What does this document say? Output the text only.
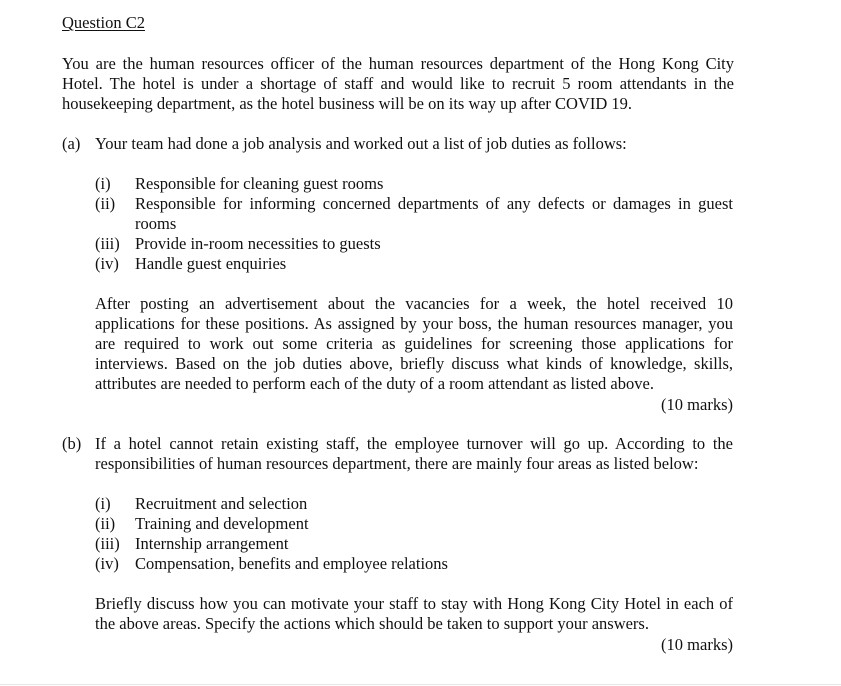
Question C2

You are the human resources officer of the human resources department of the Hong Kong City Hotel. The hotel is under a shortage of staff and would like to recruit 5 room attendants in the housekeeping department, as the hotel business will be on its way up after COVID 19.

(a) Your team had done a job analysis and worked out a list of job duties as follows:
(i) Responsible for cleaning guest rooms
(ii) Responsible for informing concerned departments of any defects or damages in guest rooms
(iii) Provide in-room necessities to guests
(iv) Handle guest enquiries

After posting an advertisement about the vacancies for a week, the hotel received 10 applications for these positions. As assigned by your boss, the human resources manager, you are required to work out some criteria as guidelines for screening those applications for interviews. Based on the job duties above, briefly discuss what kinds of knowledge, skills, attributes are needed to perform each of the duty of a room attendant as listed above.

(10 marks)
(b) If a hotel cannot retain existing staff, the employee turnover will go up. According to the responsibilities of human resources department, there are mainly four areas as listed below:

(i) Recruitment and selection
(ii) Training and development
(iii) Internship arrangement
(iv) Compensation, benefits and employee relations

Briefly discuss how you can motivate your staff to stay with Hong Kong City Hotel in each of the above areas. Specify the actions which should be taken to support your answers.

(10 marks)
